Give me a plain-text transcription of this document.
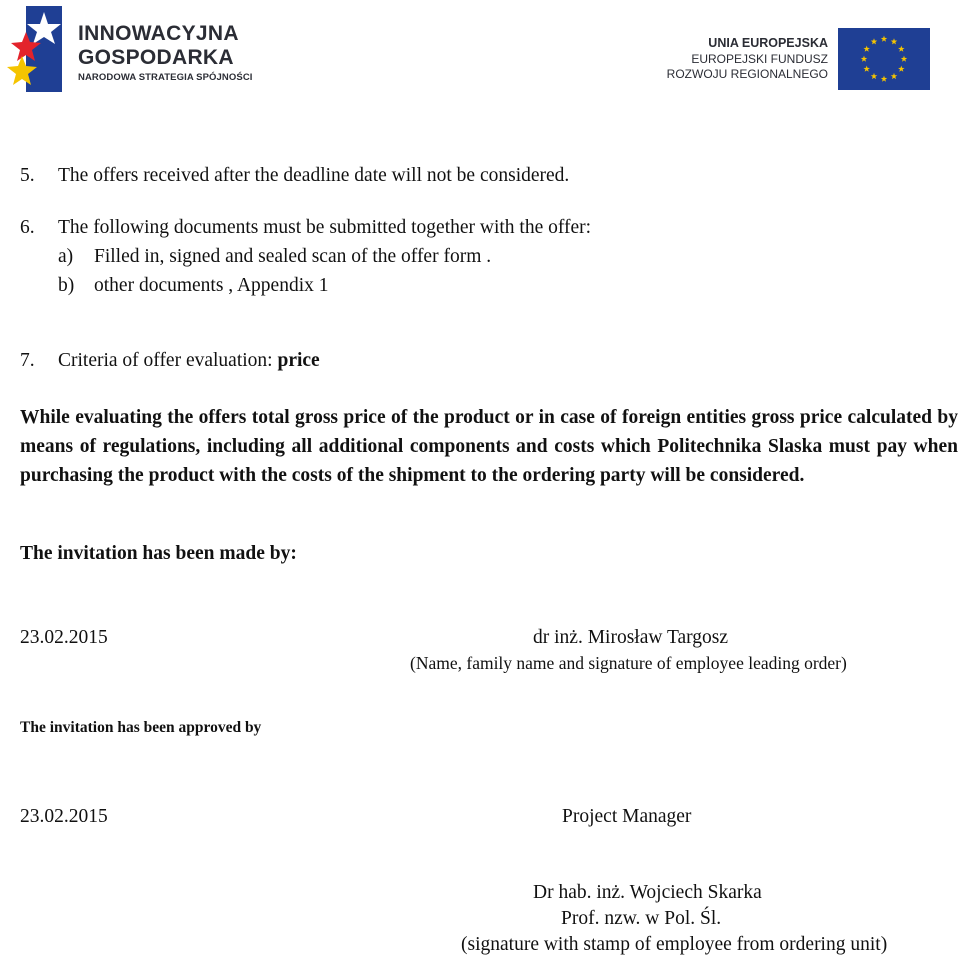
INNOWACYJNA
GOSPODARKA
NARODOWA STRATEGIA SPÓJNOŚCI
UNIA EUROPEJSKA
EUROPEJSKI FUNDUSZ
ROZWOJU REGIONALNEGO
5. The offers received after the deadline date will not be considered.
6. The following documents must be submitted together with the offer:
a) Filled in, signed and sealed scan of the offer form .
b) other documents , Appendix 1
7. Criteria of offer evaluation: price
While evaluating the offers total gross price of the product or in case of foreign entities gross price calculated by means of regulations, including all additional components and costs which Politechnika Slaska must pay when purchasing the product with the costs of the shipment to the ordering party will be considered.
The invitation has been made by:
23.02.2015	dr inż. Mirosław Targosz
(Name, family name and signature of employee leading order)
The invitation has been approved by
23.02.2015	Project Manager
Dr hab. inż. Wojciech Skarka
Prof. nzw. w Pol. Śl.
(signature with stamp of employee from ordering unit)
